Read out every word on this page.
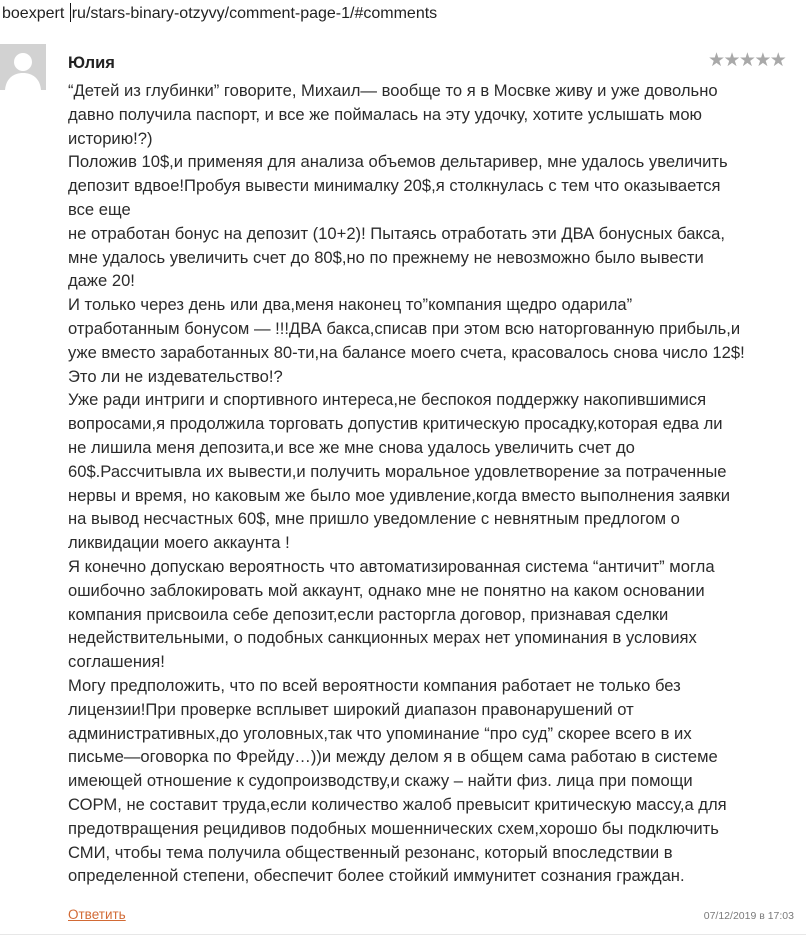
boexpert ru/stars-binary-otzyvy/comment-page-1/#comments
Юлия	★★★★★
“Детей из глубинки” говорите, Михаил— вообще то я в Мосвке живу и уже довольно
давно получила паспорт, и все же поймалась на эту удочку, хотите услышать мою
историю!?)
Положив 10$,и применяя для анализа объемов дельтаривер, мне удалось увеличить
депозит вдвое!Пробуя вывести минималку 20$,я столкнулась с тем что оказывается
все еще
не отработан бонус на депозит (10+2)! Пытаясь отработать эти ДВА бонусных бакса,
мне удалось увеличить счет до 80$,но по прежнему не невозможно было вывести
даже 20!
И только через день или два,меня наконец то”компания щедро одарила”
отработанным бонусом — !!!ДВА бакса,списав при этом всю наторгованную прибыль,и
уже вместо заработанных 80-ти,на балансе моего счета, красовалось снова число 12$!
Это ли не издевательство!?
Уже ради интриги и спортивного интереса,не беспокоя поддержку накопившимися
вопросами,я продолжила торговать допустив критическую просадку,которая едва ли
не лишила меня депозита,и все же мне снова удалось увеличить счет до
60$.Рассчитывла их вывести,и получить моральное удовлетворение за потраченные
нервы и время, но каковым же было мое удивление,когда вместо выполнения заявки
на вывод несчастных 60$, мне пришло уведомление с невнятным предлогом о
ликвидации моего аккаунта !
Я конечно допускаю вероятность что автоматизированная система “античит” могла
ошибочно заблокировать мой аккаунт, однако мне не понятно на каком основании
компания присвоила себе депозит,если расторгла договор, признавая сделки
недействительными, о подобных санкционных мерах нет упоминания в условиях
соглашения!
Могу предположить, что по всей вероятности компания работает не только без
лицензии!При проверке всплывет широкий диапазон правонарушений от
административных,до уголовных,так что упоминание “про суд” скорее всего в их
письме—оговорка по Фрейду…))и между делом я в общем сама работаю в системе
имеющей отношение к судопроизводству,и скажу – найти физ. лица при помощи
СОРМ, не составит труда,если количество жалоб превысит критическую массу,а для
предотвращения рецидивов подобных мошеннических схем,хорошо бы подключить
СМИ, чтобы тема получила общественный резонанс, который впоследствии в
определенной степени, обеспечит более стойкий иммунитет сознания граждан.
Ответить	07/12/2019 в 17:03
